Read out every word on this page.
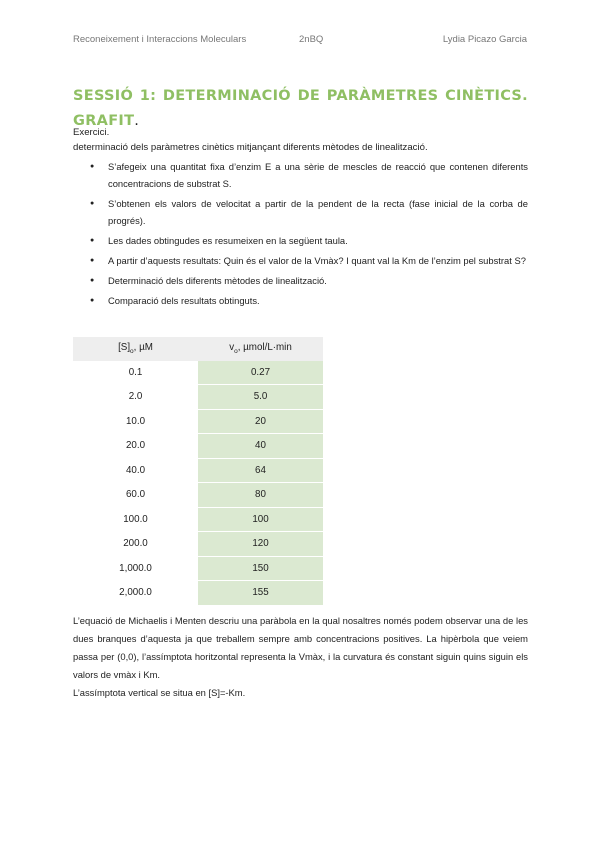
Reconeixement i Interaccions Moleculars	2nBQ	Lydia Picazo Garcia
SESSIÓ 1: DETERMINACIÓ DE PARÀMETRES CINÈTICS. GRAFIT.

Exercici.

determinació dels paràmetres cinètics mitjançant diferents mètodes de linealització.

● S’afegeix una quantitat fixa d’enzim E a una sèrie de mescles de reacció que contenen diferents concentracions de substrat S.
● S’obtenen els valors de velocitat a partir de la pendent de la recta (fase inicial de la corba de progrés).
● Les dades obtingudes es resumeixen en la següent taula.
● A partir d’aquests resultats: Quin és el valor de la Vmàx? I quant val la Km de l’enzim pel substrat S?
● Determinació dels diferents mètodes de linealització.
● Comparació dels resultats obtinguts.
$[S]_o$, µM	$v_o$, µmol/L·min
0.1	0.27
2.0	5.0
10.0	20
20.0	40
40.0	64
60.0	80
100.0	100
200.0	120
1,000.0	150
2,000.0	155

L’equació de Michaelis i Menten descriu una paràbola en la qual nosaltres només podem observar una de les dues branques d’aquesta ja que treballem sempre amb concentracions positives. La hipèrbola que veiem passa per (0,0), l’assímptota horitzontal representa la Vmàx, i la curvatura és constant siguin quins siguin els valors de vmàx i Km.

L’assímptota vertical se situa en [S]=-Km.
